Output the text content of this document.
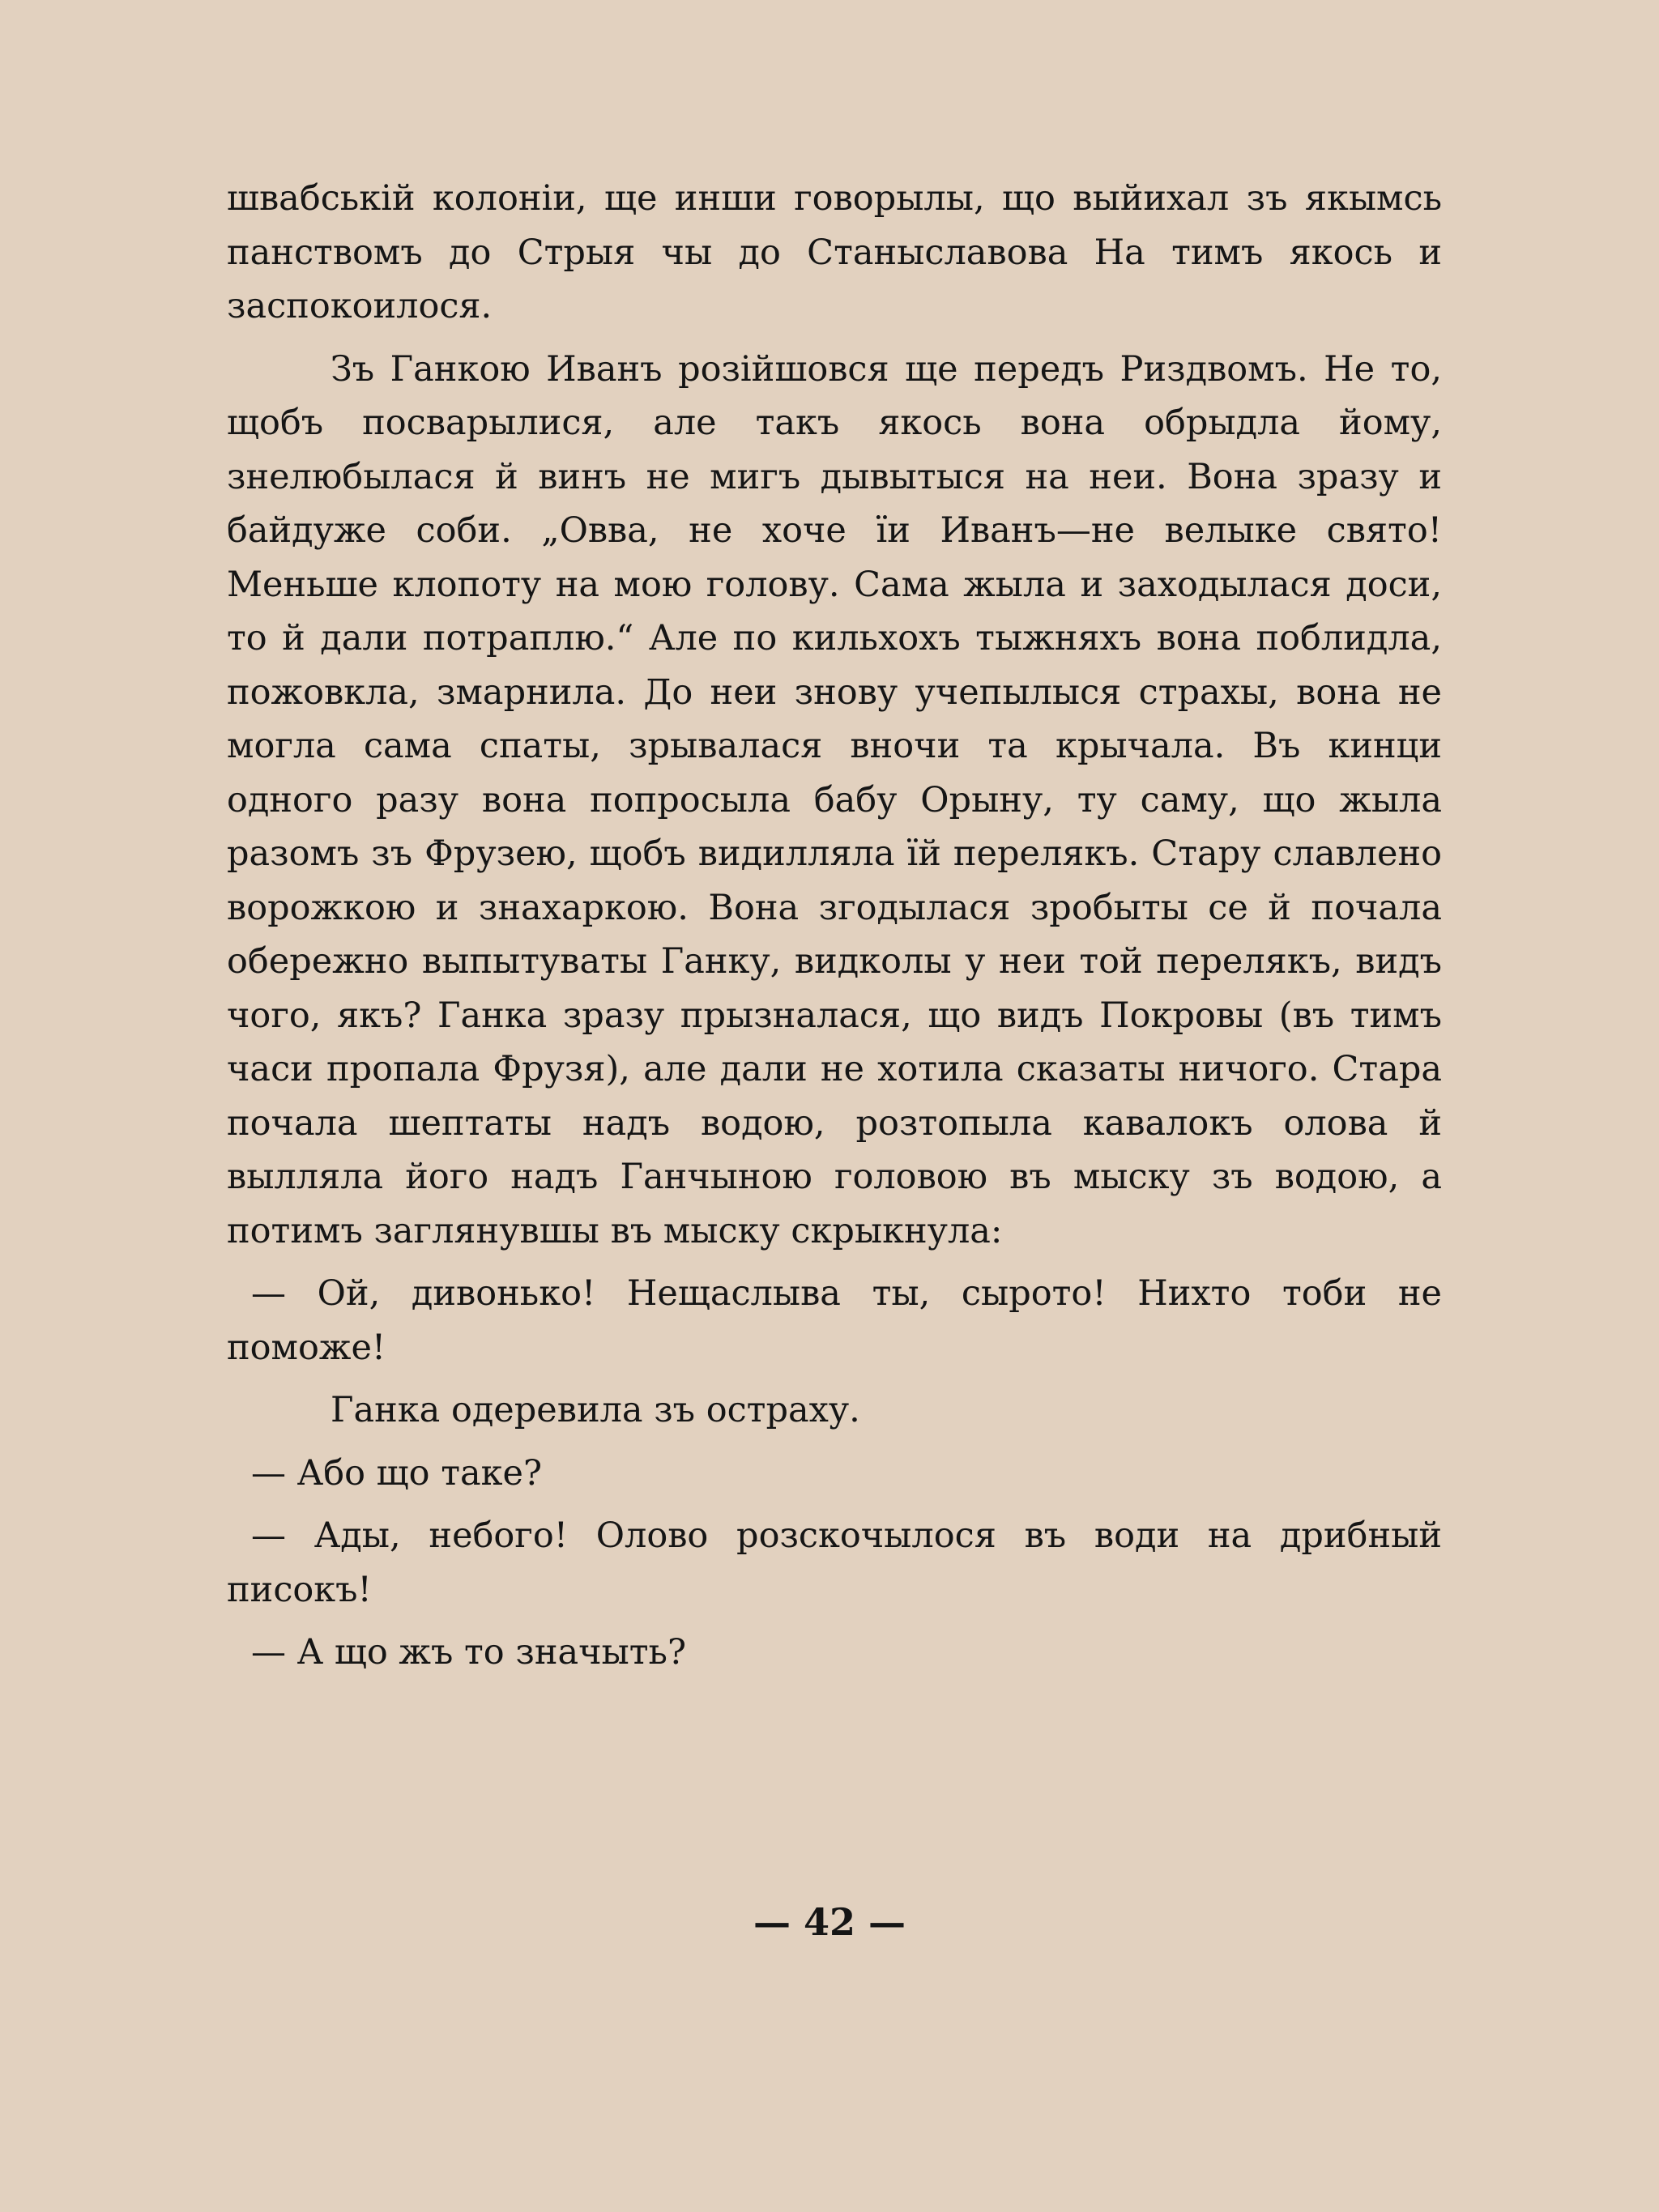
швабській колоніи, ще инши говорылы, що выйихал зъ якымсь панствомъ до Стрыя чы до Станыславова На тимъ якось и заспокоилося.

Зъ Ганкою Иванъ розiйшовся ще передъ Риздвомъ. Не то, щобъ посварылися, але такъ якось вона обрыдла йому, знелюбылася й винъ не мигъ дывытыся на неи. Вона зразу и байдуже соби. „Овва, не хоче їи Иванъ—не велыке свято! Меньше клопоту на мою голову. Сама жыла и заходылася доси, то й дали потраплю.“ Але по кильхохъ тыжняхъ вона поблидла, пожовкла, змарнила. До неи знову учепылыся страхы, вона не могла сама спаты, зрывалася вночи та крычала. Въ кинци одного разу вона попросыла бабу Орыну, ту саму, що жыла разомъ зъ Фрузею, щобъ видилляла їй перелякъ. Стару славлено ворожкою и знахаркою. Вона згодылася зробыты се й почала обережно выпытуваты Ганку, видколы у неи той перелякъ, видъ чого, якъ? Ганка зразу прызналася, що видъ Покровы (въ тимъ часи пропала Фрузя), але дали не хотила сказаты ничого. Стара почала шептаты надъ водою, розтопыла кавалокъ олова й вылляла його надъ Ганчыною головою въ мыску зъ водою, а потимъ заглянувшы въ мыску скрыкнула:

— Ой, дивонько! Нещаслыва ты, сыротo! Нихто тоби не поможе!

Ганка одеревила зъ остраху.

— Або що таке?

— Ады, небого! Олово розскочылося въ води на дрибный писокъ!

— А що жъ то значыть?

— 42 —
